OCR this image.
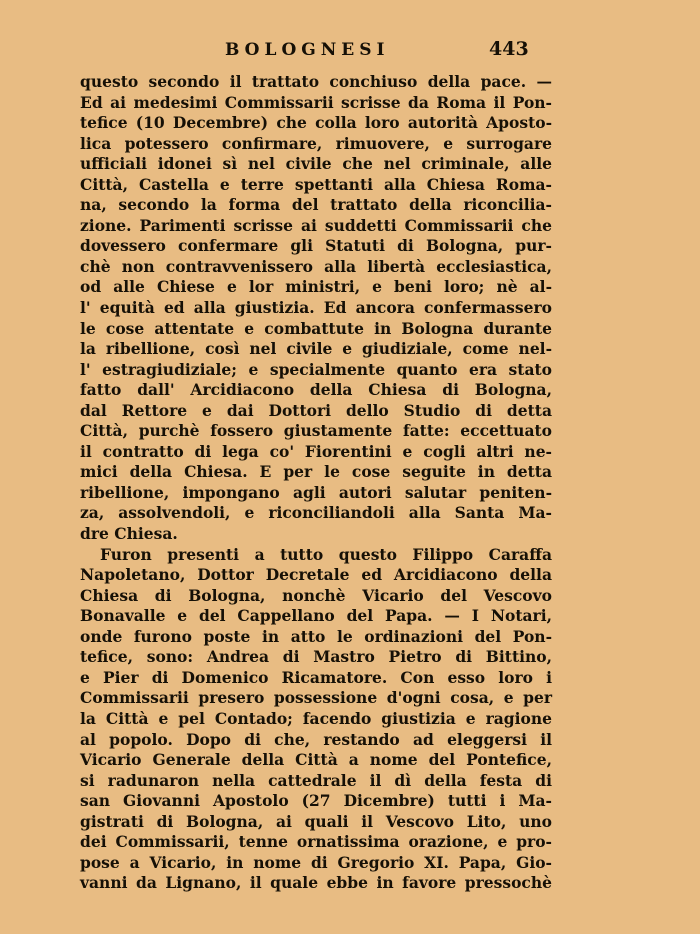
BOLOGNESI	443
questo secondo il trattato conchiuso della pace. —
Ed ai medesimi Commissarii scrisse da Roma il Pon-
tefice (10 Decembre) che colla loro autorità Aposto-
lica potessero confirmare, rimuovere, e surrogare
ufficiali idonei sì nel civile che nel criminale, alle
Città, Castella e terre spettanti alla Chiesa Roma-
na, secondo la forma del trattato della riconcilia-
zione. Parimenti scrisse ai suddetti Commissarii che
dovessero confermare gli Statuti di Bologna, pur-
chè non contravvenissero alla libertà ecclesiastica,
od alle Chiese e lor ministri, e beni loro; nè al-
l' equità ed alla giustizia. Ed ancora confermassero
le cose attentate e combattute in Bologna durante
la ribellione, così nel civile e giudiziale, come nel-
l' estragiudiziale; e specialmente quanto era stato
fatto dall' Arcidiacono della Chiesa di Bologna,
dal Rettore e dai Dottori dello Studio di detta
Città, purchè fossero giustamente fatte: eccettuato
il contratto di lega co' Fiorentini e cogli altri ne-
mici della Chiesa. E per le cose seguite in detta
ribellione, impongano agli autori salutar peniten-
za, assolvendoli, e riconciliandoli alla Santa Ma-
dre Chiesa.
Furon presenti a tutto questo Filippo Caraffa
Napoletano, Dottor Decretale ed Arcidiacono della
Chiesa di Bologna, nonchè Vicario del Vescovo
Bonavalle e del Cappellano del Papa. — I Notari,
onde furono poste in atto le ordinazioni del Pon-
tefice, sono: Andrea di Mastro Pietro di Bittino,
e Pier di Domenico Ricamatore. Con esso loro i
Commissarii presero possessione d'ogni cosa, e per
la Città e pel Contado; facendo giustizia e ragione
al popolo. Dopo di che, restando ad eleggersi il
Vicario Generale della Città a nome del Pontefice,
si radunaron nella cattedrale il dì della festa di
san Giovanni Apostolo (27 Dicembre) tutti i Ma-
gistrati di Bologna, ai quali il Vescovo Lito, uno
dei Commissarii, tenne ornatissima orazione, e pro-
pose a Vicario, in nome di Gregorio XI. Papa, Gio-
vanni da Lignano, il quale ebbe in favore pressochè
